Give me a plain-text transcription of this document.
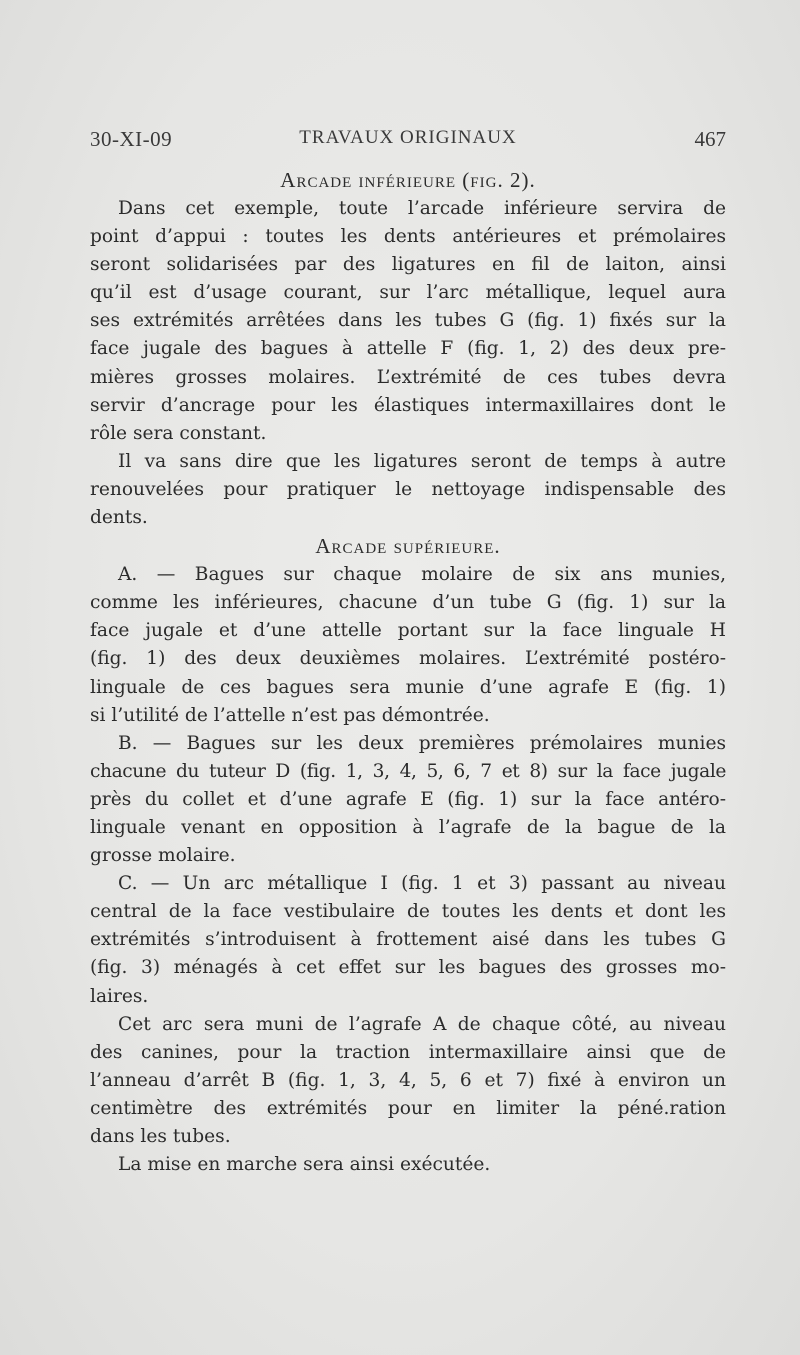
30-XI-09	TRAVAUX ORIGINAUX	467
Arcade inférieure (fig. 2).
Dans cet exemple, toute l’arcade inférieure servira de
point d’appui : toutes les dents antérieures et prémolaires
seront solidarisées par des ligatures en fil de laiton, ainsi
qu’il est d’usage courant, sur l’arc métallique, lequel aura
ses extrémités arrêtées dans les tubes G (fig. 1) fixés sur la
face jugale des bagues à attelle F (fig. 1, 2) des deux pre-
mières grosses molaires. L’extrémité de ces tubes devra
servir d’ancrage pour les élastiques intermaxillaires dont le
rôle sera constant.
Il va sans dire que les ligatures seront de temps à autre
renouvelées pour pratiquer le nettoyage indispensable des
dents.
Arcade supérieure.
A. — Bagues sur chaque molaire de six ans munies,
comme les inférieures, chacune d’un tube G (fig. 1) sur la
face jugale et d’une attelle portant sur la face linguale H
(fig. 1) des deux deuxièmes molaires. L’extrémité postéro-
linguale de ces bagues sera munie d’une agrafe E (fig. 1)
si l’utilité de l’attelle n’est pas démontrée.
B. — Bagues sur les deux premières prémolaires munies
chacune du tuteur D (fig. 1, 3, 4, 5, 6, 7 et 8) sur la face jugale
près du collet et d’une agrafe E (fig. 1) sur la face antéro-
linguale venant en opposition à l’agrafe de la bague de la
grosse molaire.
C. — Un arc métallique I (fig. 1 et 3) passant au niveau
central de la face vestibulaire de toutes les dents et dont les
extrémités s’introduisent à frottement aisé dans les tubes G
(fig. 3) ménagés à cet effet sur les bagues des grosses mo-
laires.
Cet arc sera muni de l’agrafe A de chaque côté, au niveau
des canines, pour la traction intermaxillaire ainsi que de
l’anneau d’arrêt B (fig. 1, 3, 4, 5, 6 et 7) fixé à environ un
centimètre des extrémités pour en limiter la péné.ration
dans les tubes.
La mise en marche sera ainsi exécutée.
